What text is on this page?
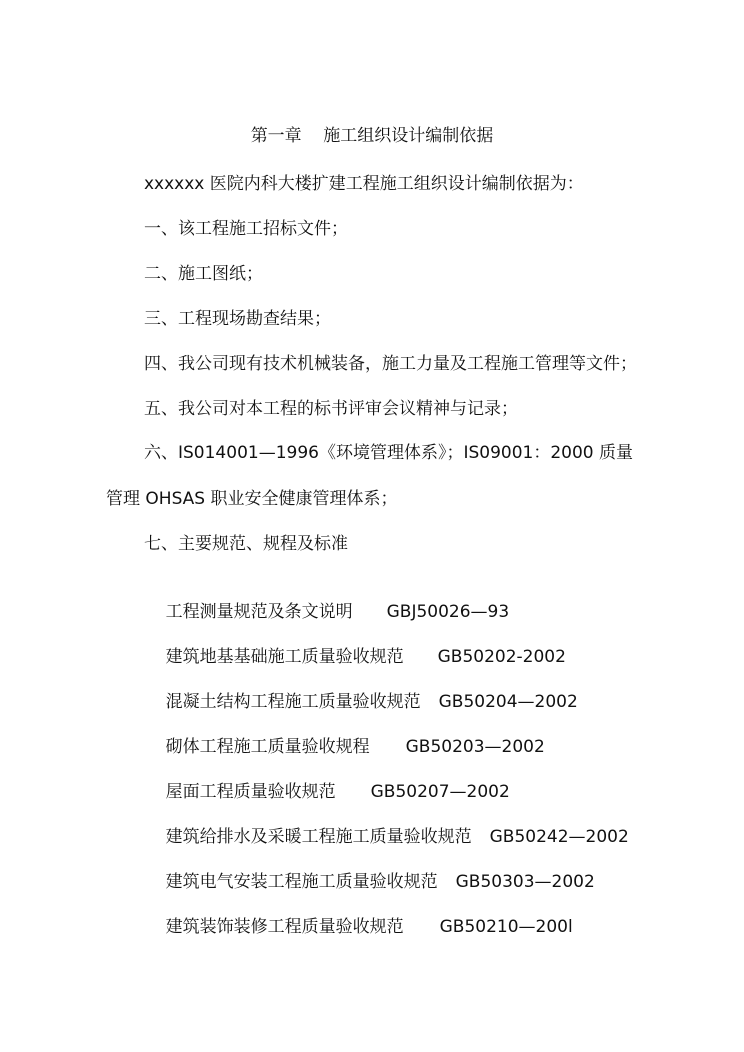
第一章    施工组织设计编制依据
xxxxxx 医院内科大楼扩建工程施工组织设计编制依据为：
一、该工程施工招标文件；
二、施工图纸；
三、工程现场勘查结果；
四、我公司现有技术机械装备，施工力量及工程施工管理等文件；
五、我公司对本工程的标书评审会议精神与记录；
六、IS014001—1996《环境管理体系》；IS09001：2000 质量
管理 OHSAS 职业安全健康管理体系；
七、主要规范、规程及标准

工程测量规范及条文说明 GBJ50026—93

建筑地基基础施工质量验收规范 GB50202-2002

混凝土结构工程施工质量验收规范 GB50204—2002

砌体工程施工质量验收规程 GB50203—2002

屋面工程质量验收规范 GB50207—2002

建筑给排水及采暖工程施工质量验收规范 GB50242—2002

建筑电气安装工程施工质量验收规范 GB50303—2002

建筑装饰装修工程质量验收规范 GB50210—200l
